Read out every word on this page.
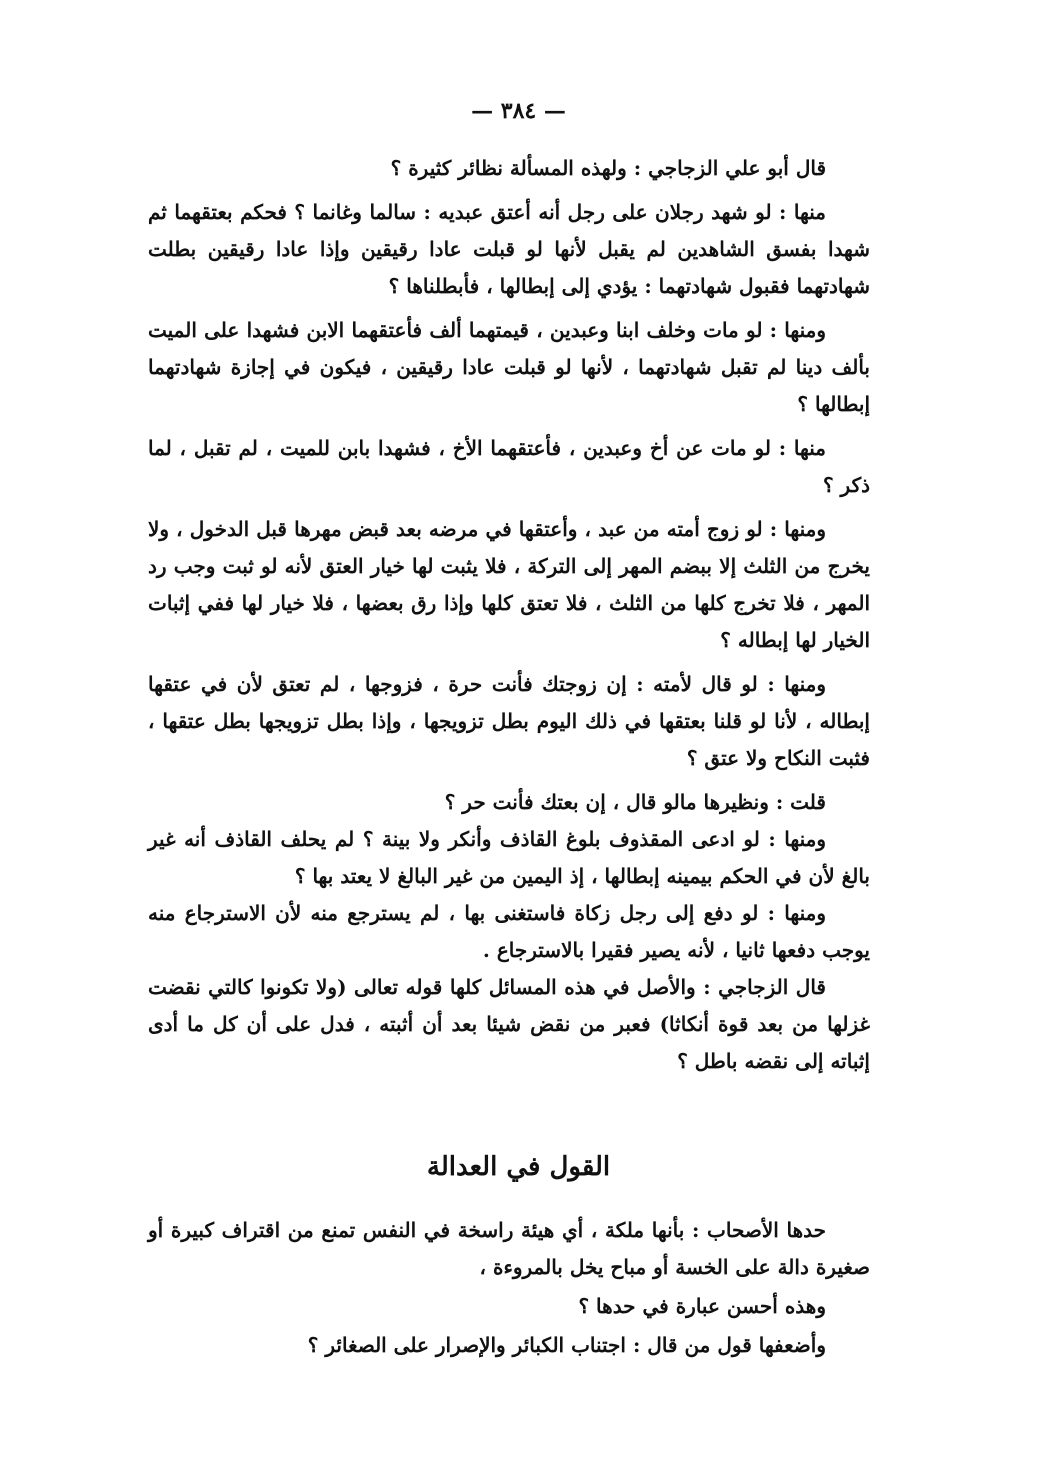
— ٣٨٤ —

قال أبو علي الزجاجي : ولهذه المسألة نظائر كثيرة ؟

منها : لو شهد رجلان على رجل أنه أعتق عبديه : سالما وغانما ؟ فحكم بعتقهما ثم شهدا بفسق الشاهدين لم يقبل لأنها لو قبلت عادا رقيقين وإذا عادا رقيقين بطلت شهادتهما فقبول شهادتهما : يؤدي إلى إبطالها ، فأبطلناها ؟

ومنها : لو مات وخلف ابنا وعبدين ، قيمتهما ألف فأعتقهما الابن فشهدا على الميت بألف دينا لم تقبل شهادتهما ، لأنها لو قبلت عادا رقيقين ، فيكون في إجازة شهادتهما إبطالها ؟

منها : لو مات عن أخ وعبدين ، فأعتقهما الأخ ، فشهدا بابن للميت ، لم تقبل ، لما ذكر ؟

ومنها : لو زوج أمته من عبد ، وأعتقها في مرضه بعد قبض مهرها قبل الدخول ، ولا يخرج من الثلث إلا ببضم المهر إلى التركة ، فلا يثبت لها خيار العتق لأنه لو ثبت وجب رد المهر ، فلا تخرج كلها من الثلث ، فلا تعتق كلها وإذا رق بعضها ، فلا خيار لها ففي إثبات الخيار لها إبطاله ؟

ومنها : لو قال لأمته : إن زوجتك فأنت حرة ، فزوجها ، لم تعتق لأن في عتقها إبطاله ، لأنا لو قلنا بعتقها في ذلك اليوم بطل تزويجها ، وإذا بطل تزويجها بطل عتقها ، فثبت النكاح ولا عتق ؟

قلت : ونظيرها مالو قال ، إن بعتك فأنت حر ؟

ومنها : لو ادعى المقذوف بلوغ القاذف وأنكر ولا بينة ؟ لم يحلف القاذف أنه غير بالغ لأن في الحكم بيمينه إبطالها ، إذ اليمين من غير البالغ لا يعتد بها ؟

ومنها : لو دفع إلى رجل زكاة فاستغنى بها ، لم يسترجع منه لأن الاسترجاع منه يوجب دفعها ثانيا ، لأنه يصير فقيرا بالاسترجاع .

قال الزجاجي : والأصل في هذه المسائل كلها قوله تعالى (ولا تكونوا كالتي نقضت غزلها من بعد قوة أنكاثا) فعبر من نقض شيئا بعد أن أثبته ، فدل على أن كل ما أدى إثباته إلى نقضه باطل ؟

القول في العدالة

حدها الأصحاب : بأنها ملكة ، أي هيئة راسخة في النفس تمنع من اقتراف كبيرة أو صغيرة دالة على الخسة أو مباح يخل بالمروءة ،

وهذه أحسن عبارة في حدها ؟

وأضعفها قول من قال : اجتناب الكبائر والإصرار على الصغائر ؟
